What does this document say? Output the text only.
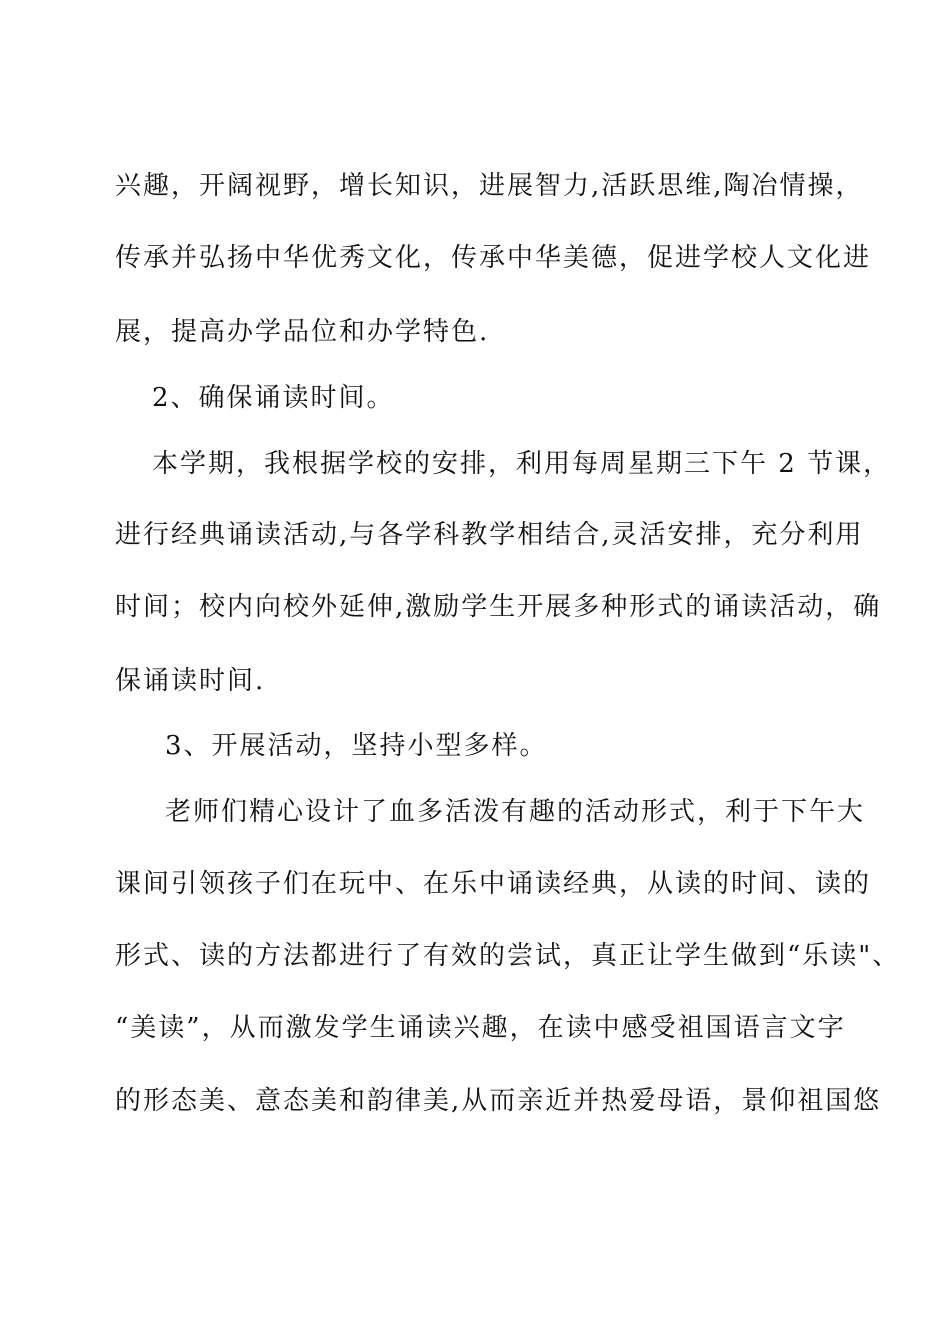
兴趣，开阔视野，增长知识，进展智力,活跃思维,陶冶情操，
传承并弘扬中华优秀文化，传承中华美德，促进学校人文化进
展，提高办学品位和办学特色.
2、确保诵读时间。
本学期，我根据学校的安排，利用每周星期三下午 2 节课，
进行经典诵读活动,与各学科教学相结合,灵活安排，充分利用
时间；校内向校外延伸,激励学生开展多种形式的诵读活动，确
保诵读时间.
3、开展活动，坚持小型多样。
老师们精心设计了血多活泼有趣的活动形式，利于下午大
课间引领孩子们在玩中、在乐中诵读经典，从读的时间、读的
形式、读的方法都进行了有效的尝试，真正让学生做到“乐读"、
“美读”，从而激发学生诵读兴趣，在读中感受祖国语言文字
的形态美、意态美和韵律美,从而亲近并热爱母语，景仰祖国悠
